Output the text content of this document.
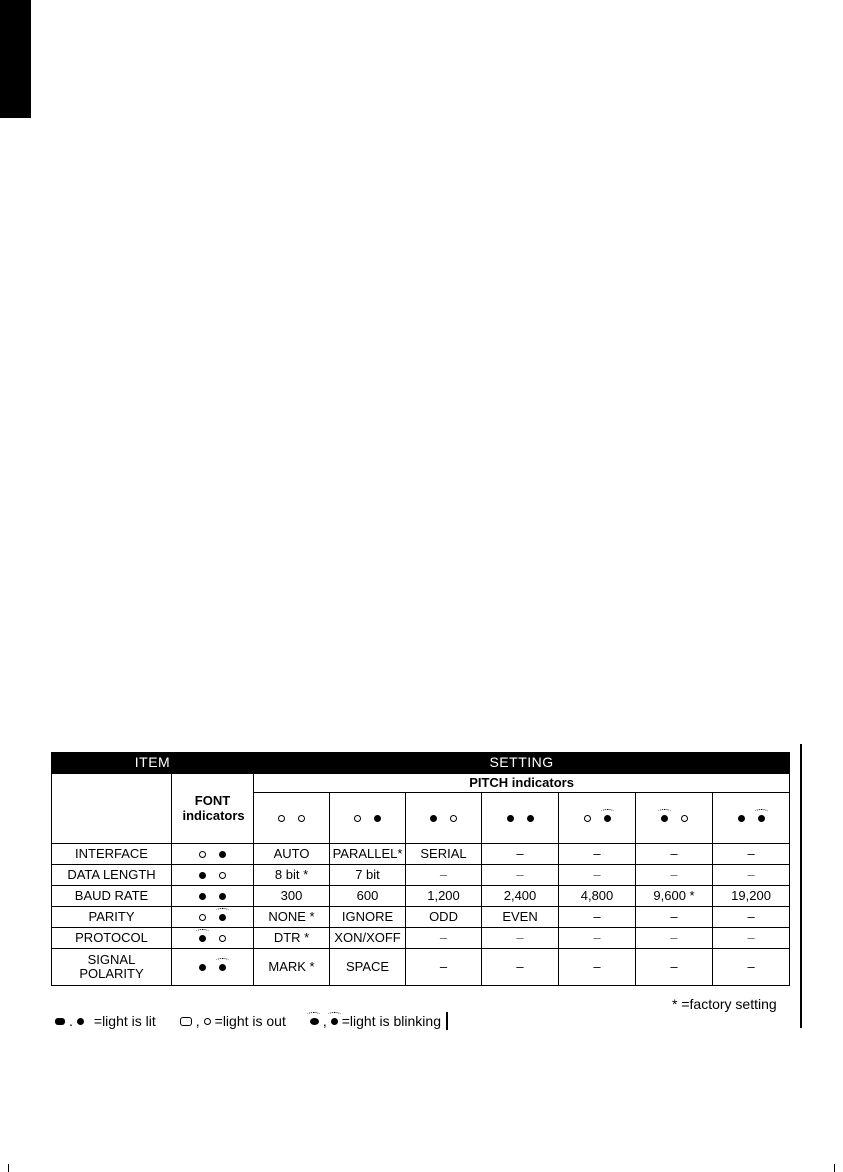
ITEM		SETTING						
	FONT indicators	PITCH indicators						

INTERFACE		AUTO	PARALLEL*	SERIAL	–	–	–	–
DATA LENGTH		8 bit *	7 bit	–	–	–	–	–
BAUD RATE		300	600	1,200	2,400	4,800	9,600 *	19,200
PARITY		NONE *	IGNORE	ODD	EVEN	–	–	–
PROTOCOL		DTR *	XON/XOFF	–	–	–	–	–

SIGNAL
POLARITY		MARK *	SPACE	–	–	–	–	–
* =factory setting
. =light is lit	, =light is out	, =light is blinking
